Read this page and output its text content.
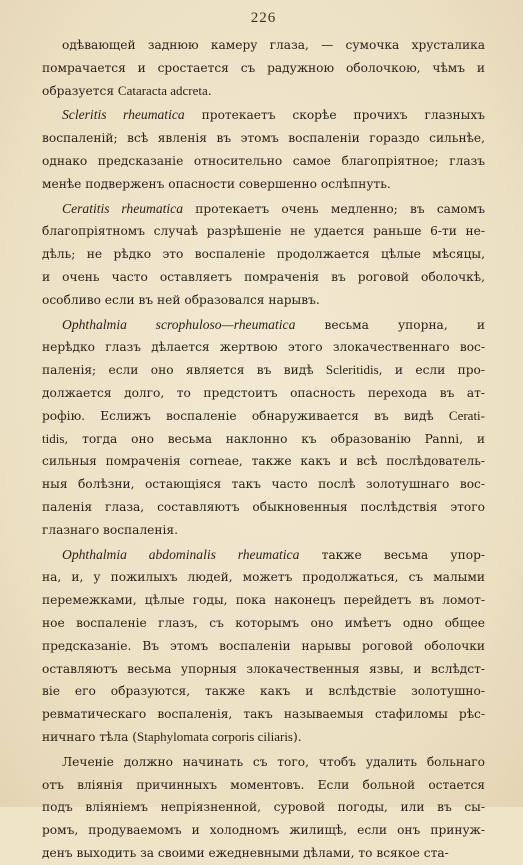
226

одѣвающей заднюю камеру глаза, — сумочка хрусталика
помрачается и сростается съ радужною оболочкою, чѣмъ и
образуется Cataracta adcreta.

Scleritis rheumatica протекаетъ скорѣе прочихъ глазныхъ
воспаленій; всѣ явленія въ этомъ воспаленіи гораздо сильнѣе,
однако предсказаніе относительно самое благопріятное; глазъ
менѣе подверженъ опасности совершенно ослѣпнуть.

Ceratitis rheumatica протекаетъ очень медленно; въ самомъ
благопріятномъ случаѣ разрѣшеніе не удается раньше 6-ти не-
дѣль; не рѣдко это воспаленіе продолжается цѣлые мѣсяцы,
и очень часто оставляетъ помраченія въ роговой оболочкѣ,
особливо если въ ней образовался нарывъ.

Ophthalmia scrophuloso—rheumatica весьма упорна, и
нерѣдко глазъ дѣлается жертвою этого злокачественнаго вос-
паленія; если оно является въ видѣ Scleritidis, и если про-
должается долго, то предстоитъ опасность перехода въ ат-
рофію. Еслижъ воспаленіе обнаруживается въ видѣ Cerati-
tidis, тогда оно весьма наклонно къ образованію Panni, и
сильныя помраченія corneae, также какъ и всѣ послѣдователь-
ныя болѣзни, остающіяся такъ часто послѣ золотушнаго вос-
паленія глаза, составляютъ обыкновенныя послѣдствія этого
глазнаго воспаленія.

Ophthalmia abdominalis rheumatica также весьма упор-
на, и, у пожилыхъ людей, можетъ продолжаться, съ малыми
перемежками, цѣлые годы, пока наконецъ перейдетъ въ ломот-
ное воспаленіе глазъ, съ которымъ оно имѣетъ одно общее
предсказаніе. Въ этомъ воспаленіи нарывы роговой оболочки
оставляютъ весьма упорныя злокачественныя язвы, и вслѣдст-
віе его образуются, также какъ и вслѣдствіе золотушно-
ревматическаго воспаленія, такъ называемыя стафиломы рѣс-
ничнаго тѣла (Staphylomata corporis ciliaris).

Леченіе должно начинать съ того, чтобъ удалить больнаго
отъ вліянія причинныхъ моментовъ. Если больной остается
подъ вліяніемъ непріязненной, суровой погоды, или въ сы-
ромъ, продуваемомъ и холодномъ жилищѣ, если онъ принуж-
денъ выходить за своими ежедневными дѣлами, то всякое ста-
